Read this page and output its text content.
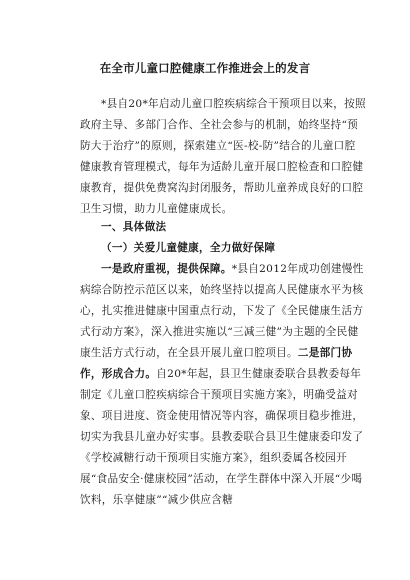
在全市儿童口腔健康工作推进会上的发言

*县自20*年启动儿童口腔疾病综合干预项目以来，按照政府主导、多部门合作、全社会参与的机制，始终坚持“预防大于治疗”的原则，探索建立“医-校-防”结合的儿童口腔健康教育管理模式，每年为适龄儿童开展口腔检查和口腔健康教育，提供免费窝沟封闭服务，帮助儿童养成良好的口腔卫生习惯，助力儿童健康成长。

一、具体做法

（一）关爱儿童健康，全力做好保障

一是政府重视，提供保障。*县自2012年成功创建慢性病综合防控示范区以来，始终坚持以提高人民健康水平为核心，扎实推进健康中国重点行动，下发了《全民健康生活方式行动方案》，深入推进实施以“三减三健”为主题的全民健康生活方式行动，在全县开展儿童口腔项目。二是部门协作，形成合力。自20*年起，县卫生健康委联合县教委每年制定《儿童口腔疾病综合干预项目实施方案》，明确受益对象、项目进度、资金使用情况等内容，确保项目稳步推进，切实为我县儿童办好实事。县教委联合县卫生健康委印发了《学校减糖行动干预项目实施方案》，组织委属各校园开展“食品安全·健康校园”活动，在学生群体中深入开展“少喝饮料，乐享健康”“减少供应含糖
